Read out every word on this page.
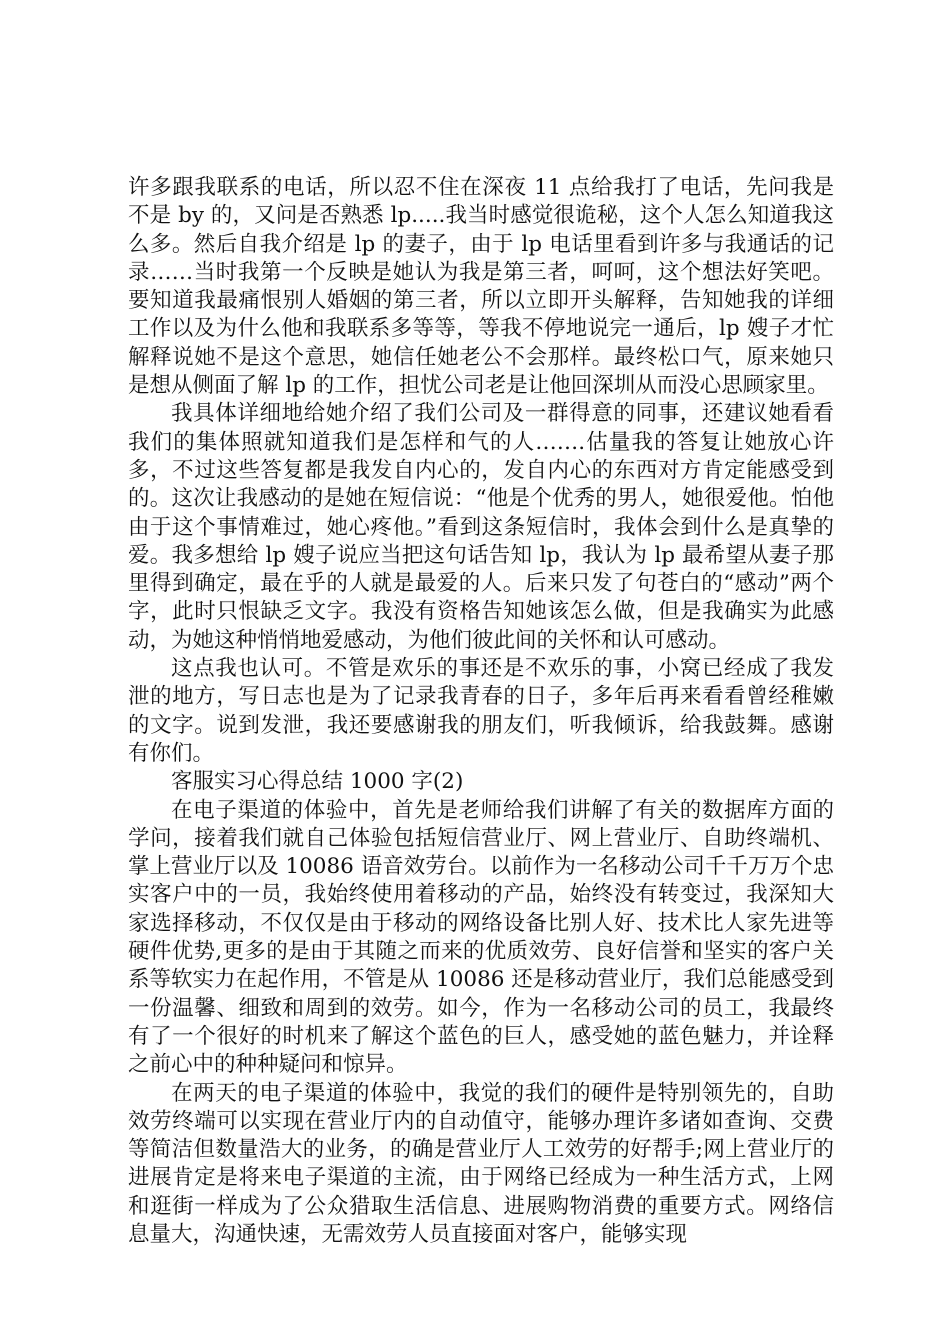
许多跟我联系的电话，所以忍不住在深夜 11 点给我打了电话，先问我是不是 by 的，又问是否熟悉 lp.....我当时感觉很诡秘，这个人怎么知道我这么多。然后自我介绍是 lp 的妻子，由于 lp 电话里看到许多与我通话的记录……当时我第一个反映是她认为我是第三者，呵呵，这个想法好笑吧。要知道我最痛恨别人婚姻的第三者，所以立即开头解释，告知她我的详细工作以及为什么他和我联系多等等，等我不停地说完一通后，lp 嫂子才忙解释说她不是这个意思，她信任她老公不会那样。最终松口气，原来她只是想从侧面了解 lp 的工作，担忧公司老是让他回深圳从而没心思顾家里。

我具体详细地给她介绍了我们公司及一群得意的同事，还建议她看看我们的集体照就知道我们是怎样和气的人…….估量我的答复让她放心许多，不过这些答复都是我发自内心的，发自内心的东西对方肯定能感受到的。这次让我感动的是她在短信说：“他是个优秀的男人，她很爱他。怕他由于这个事情难过，她心疼他。”看到这条短信时，我体会到什么是真挚的爱。我多想给 lp 嫂子说应当把这句话告知 lp，我认为 lp 最希望从妻子那里得到确定，最在乎的人就是最爱的人。后来只发了句苍白的“感动”两个字，此时只恨缺乏文字。我没有资格告知她该怎么做，但是我确实为此感动，为她这种悄悄地爱感动，为他们彼此间的关怀和认可感动。

这点我也认可。不管是欢乐的事还是不欢乐的事，小窝已经成了我发泄的地方，写日志也是为了记录我青春的日子，多年后再来看看曾经稚嫩的文字。说到发泄，我还要感谢我的朋友们，听我倾诉，给我鼓舞。感谢有你们。

客服实习心得总结 1000 字(2)

在电子渠道的体验中，首先是老师给我们讲解了有关的数据库方面的学问，接着我们就自己体验包括短信营业厅、网上营业厅、自助终端机、掌上营业厅以及 10086 语音效劳台。以前作为一名移动公司千千万万个忠实客户中的一员，我始终使用着移动的产品，始终没有转变过，我深知大家选择移动，不仅仅是由于移动的网络设备比别人好、技术比人家先进等硬件优势,更多的是由于其随之而来的优质效劳、良好信誉和坚实的客户关系等软实力在起作用，不管是从 10086 还是移动营业厅，我们总能感受到一份温馨、细致和周到的效劳。如今，作为一名移动公司的员工，我最终有了一个很好的时机来了解这个蓝色的巨人，感受她的蓝色魅力，并诠释之前心中的种种疑问和惊异。

在两天的电子渠道的体验中，我觉的我们的硬件是特别领先的，自助效劳终端可以实现在营业厅内的自动值守，能够办理许多诸如查询、交费等简洁但数量浩大的业务，的确是营业厅人工效劳的好帮手;网上营业厅的进展肯定是将来电子渠道的主流，由于网络已经成为一种生活方式，上网和逛街一样成为了公众猎取生活信息、进展购物消费的重要方式。网络信息量大，沟通快速，无需效劳人员直接面对客户，能够实现
